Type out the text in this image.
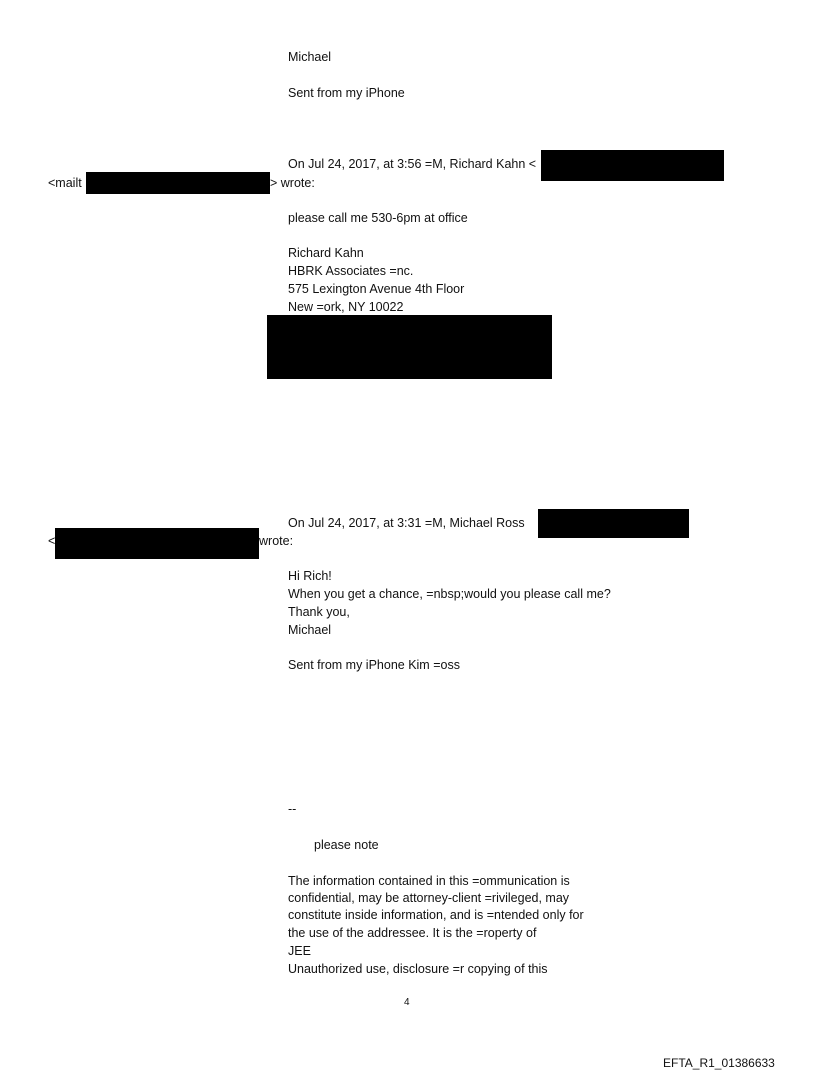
Michael
Sent from my iPhone
On Jul 24, 2017, at 3:56 =M, Richard Kahn <
<mailt	> wrote:
please call me 530-6pm at office
Richard Kahn
HBRK Associates =nc.
575 Lexington Avenue 4th Floor
New =ork, NY 10022
On Jul 24, 2017, at 3:31 =M, Michael Ross
<	wrote:
Hi Rich!
When you get a chance, =nbsp;would you please call me?
Thank you,
Michael
Sent from my iPhone Kim =oss
--
please note
The information contained in this =ommunication is
confidential, may be attorney-client =rivileged, may
constitute inside information, and is =ntended only for
the use of the addressee. It is the =roperty of
JEE
Unauthorized use, disclosure =r copying of this
4
EFTA_R1_01386633
